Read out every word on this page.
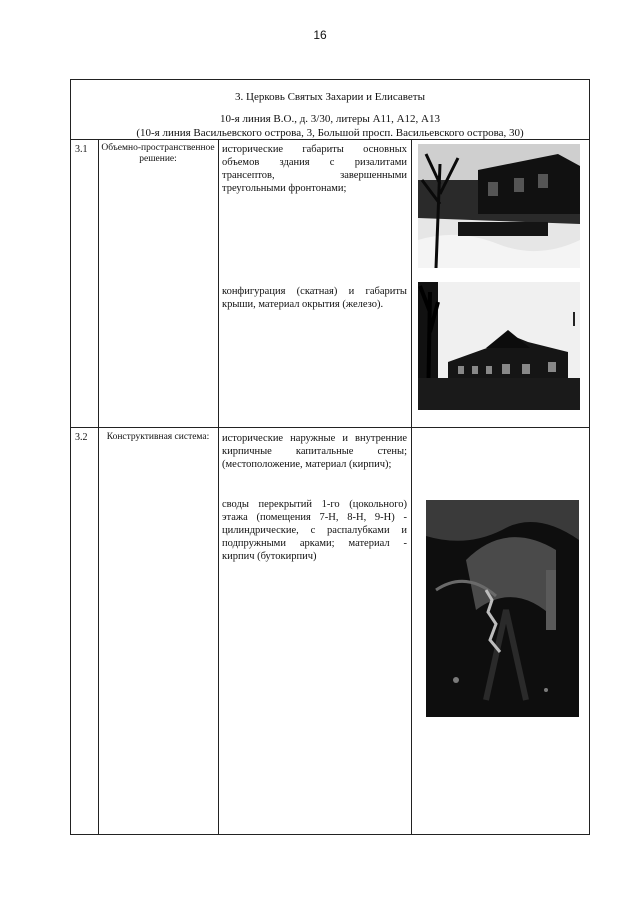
16
3. Церковь Святых Захарии и Елисаветы
10-я линия В.О., д. 3/30, литеры А11, А12, А13
(10-я линия Васильевского острова, 3, Большой просп. Васильевского острова, 30)
3.1 Объемно-пространственное решение:
исторические габариты основных объемов здания с ризалитами трансептов, завершенными треугольными фронтонами;
конфигурация (скатная) и габариты крыши, материал окрытия (железо).
3.2	Конструктивная система:	исторические наружные и внутренние кирпичные капитальные стены; (местоположение, материал (кирпич);
своды перекрытий 1-го (цокольного) этажа (помещения 7-Н, 8-Н, 9-Н) - цилиндрические, с распалубками и подпружными арками; материал - кирпич (бутокирпич)
